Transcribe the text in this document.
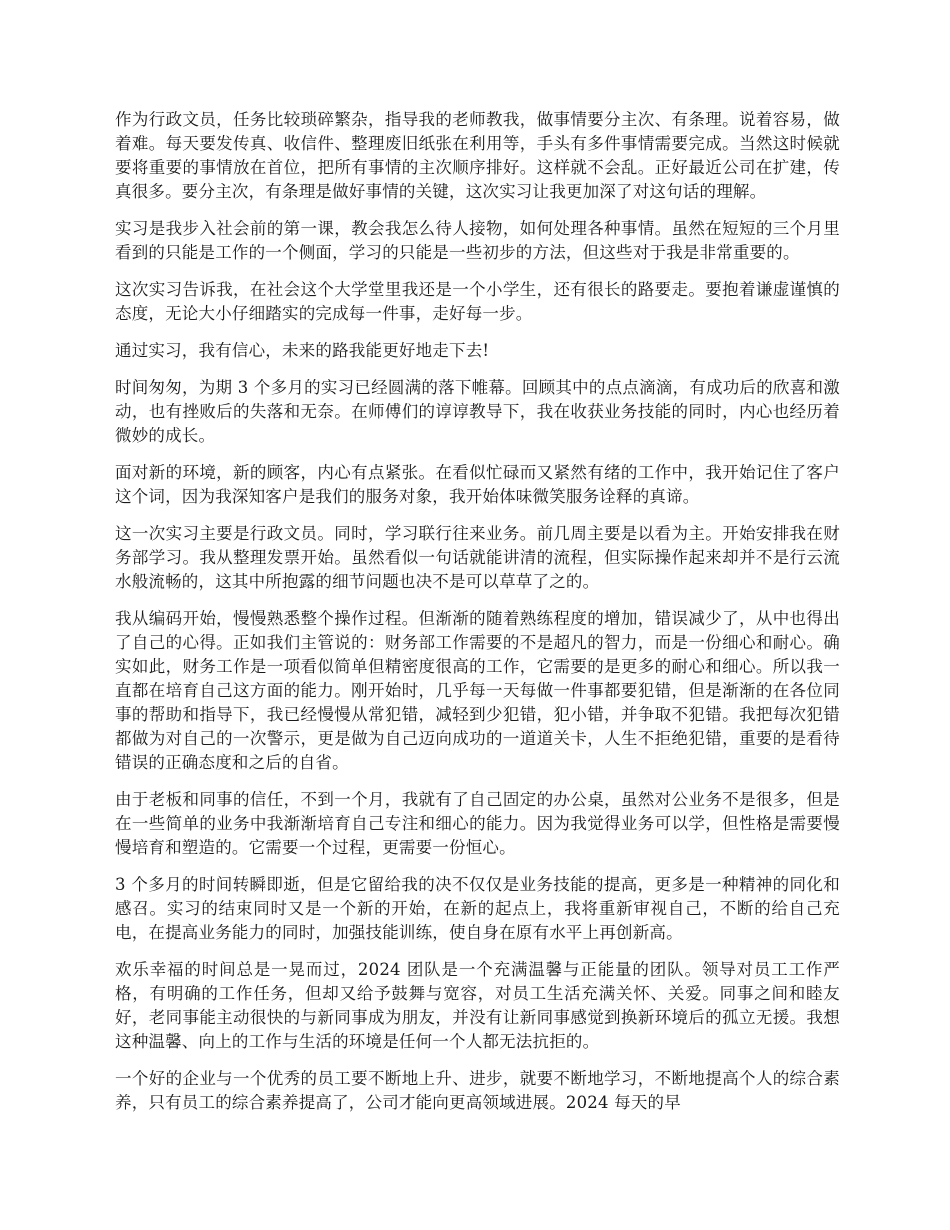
作为行政文员，任务比较琐碎繁杂，指导我的老师教我，做事情要分主次、有条理。说着容易，做着难。每天要发传真、收信件、整理废旧纸张在利用等，手头有多件事情需要完成。当然这时候就要将重要的事情放在首位，把所有事情的主次顺序排好。这样就不会乱。正好最近公司在扩建，传真很多。要分主次，有条理是做好事情的关键，这次实习让我更加深了对这句话的理解。

实习是我步入社会前的第一课，教会我怎么待人接物，如何处理各种事情。虽然在短短的三个月里看到的只能是工作的一个侧面，学习的只能是一些初步的方法，但这些对于我是非常重要的。

这次实习告诉我，在社会这个大学堂里我还是一个小学生，还有很长的路要走。要抱着谦虚谨慎的态度，无论大小仔细踏实的完成每一件事，走好每一步。

通过实习，我有信心，未来的路我能更好地走下去!

时间匆匆，为期 3 个多月的实习已经圆满的落下帷幕。回顾其中的点点滴滴，有成功后的欣喜和激动，也有挫败后的失落和无奈。在师傅们的谆谆教导下，我在收获业务技能的同时，内心也经历着微妙的成长。

面对新的环境，新的顾客，内心有点紧张。在看似忙碌而又紧然有绪的工作中，我开始记住了客户这个词，因为我深知客户是我们的服务对象，我开始体味微笑服务诠释的真谛。

这一次实习主要是行政文员。同时，学习联行往来业务。前几周主要是以看为主。开始安排我在财务部学习。我从整理发票开始。虽然看似一句话就能讲清的流程，但实际操作起来却并不是行云流水般流畅的，这其中所抱露的细节问题也决不是可以草草了之的。

我从编码开始，慢慢熟悉整个操作过程。但渐渐的随着熟练程度的增加，错误减少了，从中也得出了自己的心得。正如我们主管说的：财务部工作需要的不是超凡的智力，而是一份细心和耐心。确实如此，财务工作是一项看似简单但精密度很高的工作，它需要的是更多的耐心和细心。所以我一直都在培育自己这方面的能力。刚开始时，几乎每一天每做一件事都要犯错，但是渐渐的在各位同事的帮助和指导下，我已经慢慢从常犯错，减轻到少犯错，犯小错，并争取不犯错。我把每次犯错都做为对自己的一次警示，更是做为自己迈向成功的一道道关卡，人生不拒绝犯错，重要的是看待错误的正确态度和之后的自省。

由于老板和同事的信任，不到一个月，我就有了自己固定的办公桌，虽然对公业务不是很多，但是在一些简单的业务中我渐渐培育自己专注和细心的能力。因为我觉得业务可以学，但性格是需要慢慢培育和塑造的。它需要一个过程，更需要一份恒心。

3 个多月的时间转瞬即逝，但是它留给我的决不仅仅是业务技能的提高，更多是一种精神的同化和感召。实习的结束同时又是一个新的开始，在新的起点上，我将重新审视自己，不断的给自己充电，在提高业务能力的同时，加强技能训练，使自身在原有水平上再创新高。

欢乐幸福的时间总是一晃而过，2024 团队是一个充满温馨与正能量的团队。领导对员工工作严格，有明确的工作任务，但却又给予鼓舞与宽容，对员工生活充满关怀、关爱。同事之间和睦友好，老同事能主动很快的与新同事成为朋友，并没有让新同事感觉到换新环境后的孤立无援。我想这种温馨、向上的工作与生活的环境是任何一个人都无法抗拒的。

一个好的企业与一个优秀的员工要不断地上升、进步，就要不断地学习，不断地提高个人的综合素养，只有员工的综合素养提高了，公司才能向更高领域进展。2024 每天的早
